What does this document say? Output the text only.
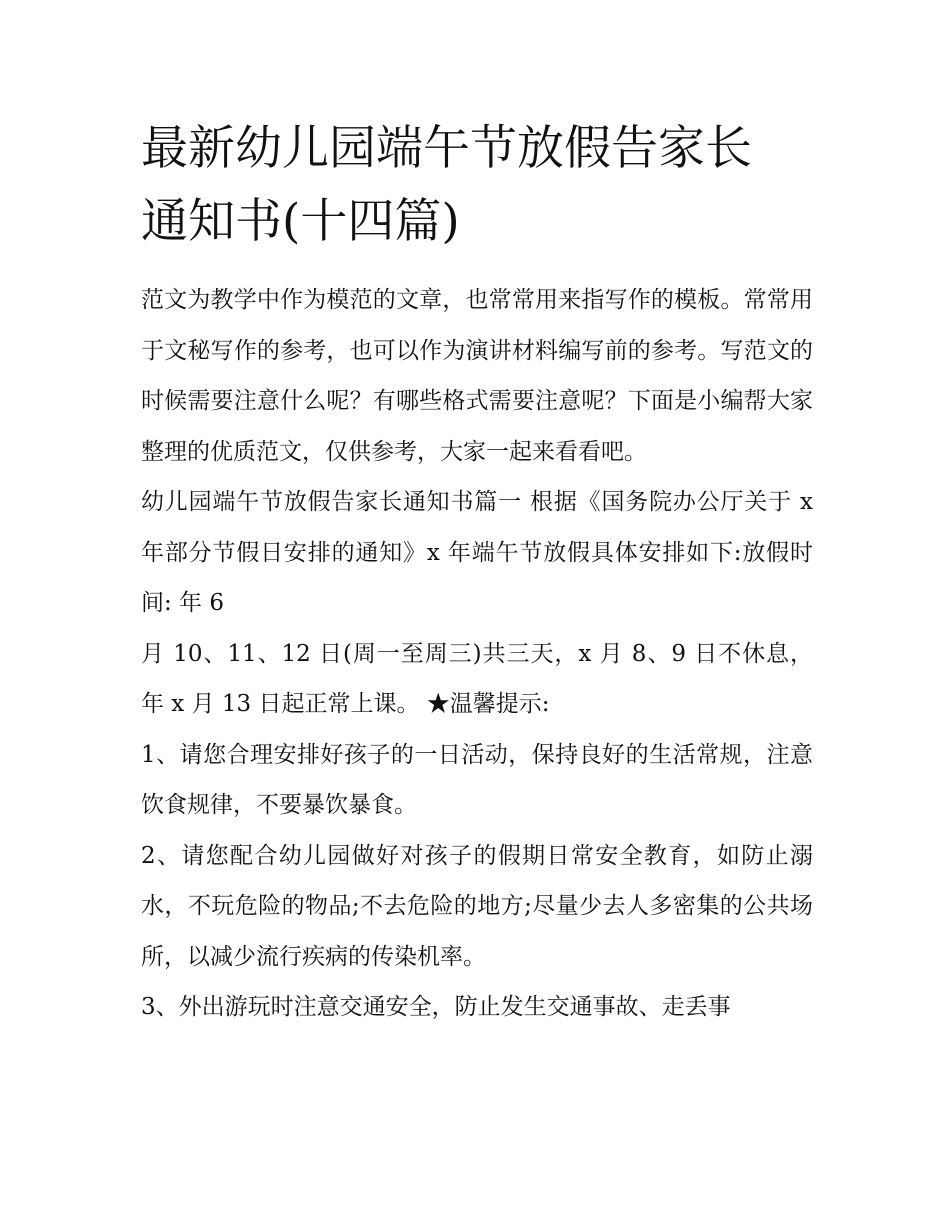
最新幼儿园端午节放假告家长
通知书(十四篇)

范文为教学中作为模范的文章，也常常用来指写作的模板。常常用于文秘写作的参考，也可以作为演讲材料编写前的参考。写范文的时候需要注意什么呢？有哪些格式需要注意呢？下面是小编帮大家整理的优质范文，仅供参考，大家一起来看看吧。

幼儿园端午节放假告家长通知书篇一 根据《国务院办公厅关于 x 年部分节假日安排的通知》x 年端午节放假具体安排如下:放假时间: 年 6

月 10、11、12 日(周一至周三)共三天，x 月 8、9 日不休息， 年 x 月 13 日起正常上课。 ★温馨提示:

1、请您合理安排好孩子的一日活动，保持良好的生活常规，注意饮食规律，不要暴饮暴食。

2、请您配合幼儿园做好对孩子的假期日常安全教育，如防止溺水，不玩危险的物品;不去危险的地方;尽量少去人多密集的公共场所，以减少流行疾病的传染机率。

3、外出游玩时注意交通安全，防止发生交通事故、走丢事
